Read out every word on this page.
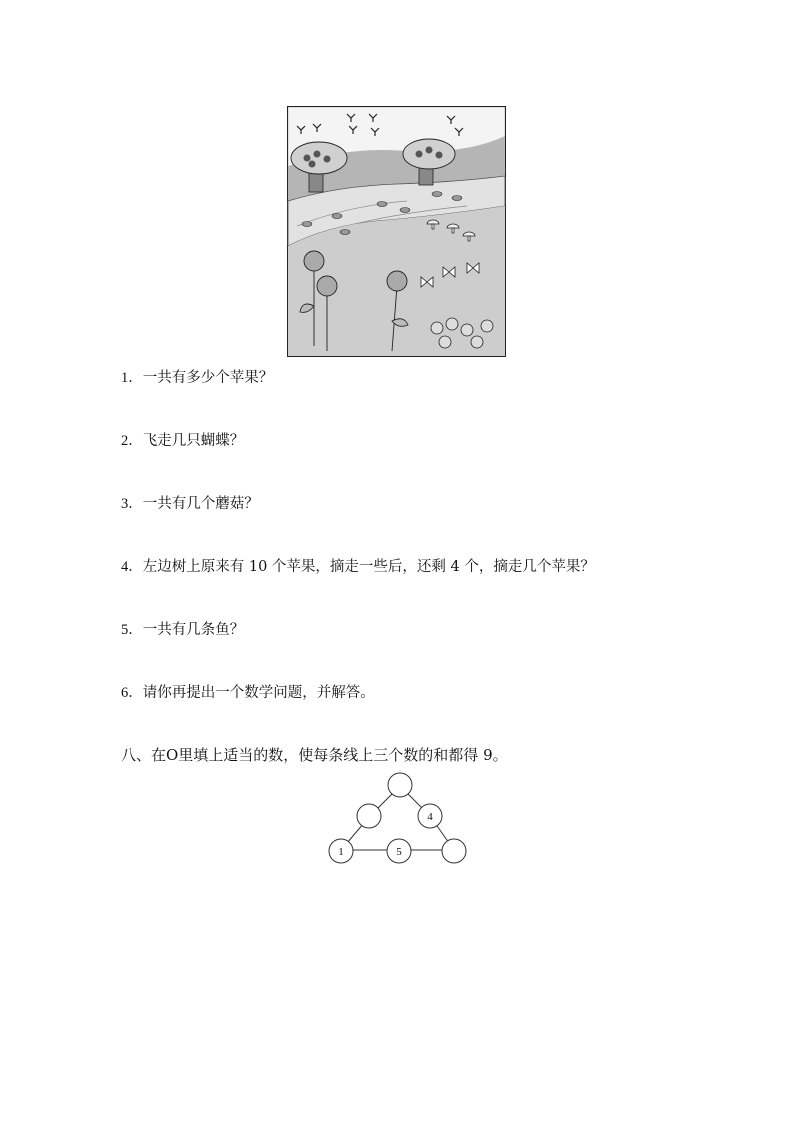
1．一共有多少个苹果？
2．飞走几只蝴蝶？
3．一共有几个蘑菇？
4．左边树上原来有 10 个苹果，摘走一些后，还剩 4 个，摘走几个苹果？
5．一共有几条鱼？
6．请你再提出一个数学问题，并解答。
八、在O里填上适当的数，使每条线上三个数的和都得 9。
4
1	5
